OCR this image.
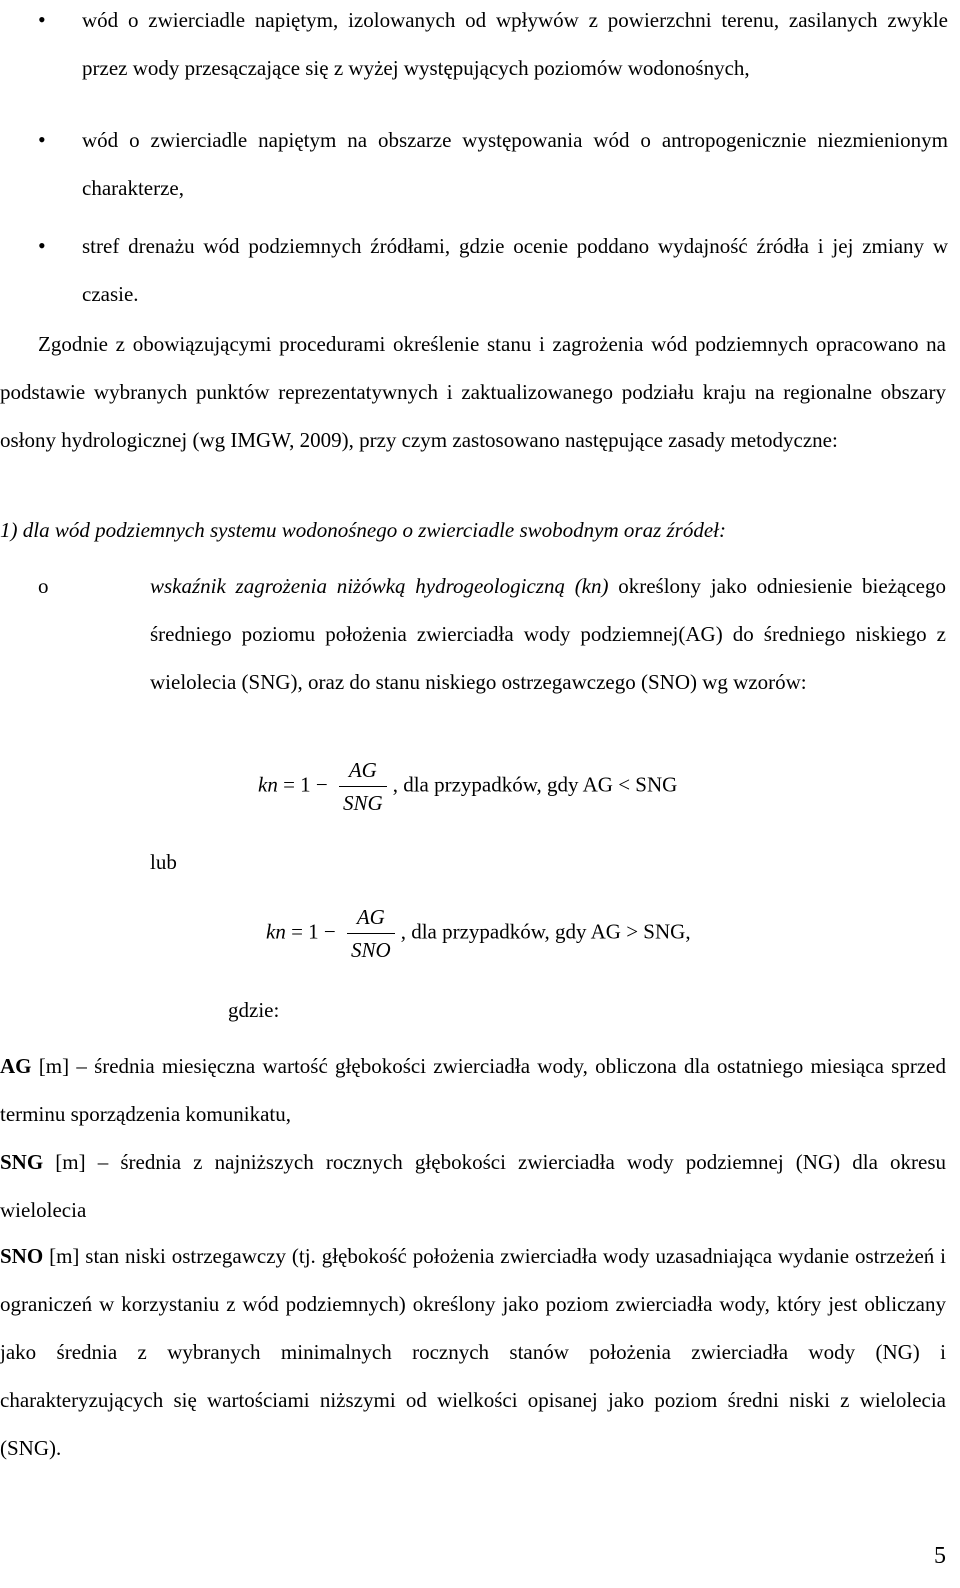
• wód o zwierciadle napiętym, izolowanych od wpływów z powierzchni terenu, zasilanych zwykle przez wody przesączające się z wyżej występujących poziomów wodonośnych,
• wód o zwierciadle napiętym na obszarze występowania wód o antropogenicznie niezmienionym charakterze,
• stref drenażu wód podziemnych źródłami, gdzie ocenie poddano wydajność źródła i jej zmiany w czasie.

Zgodnie z obowiązującymi procedurami określenie stanu i zagrożenia wód podziemnych opracowano na podstawie wybranych punktów reprezentatywnych i zaktualizowanego podziału kraju na regionalne obszary osłony hydrologicznej (wg IMGW, 2009), przy czym zastosowano następujące zasady metodyczne:

1) dla wód podziemnych systemu wodonośnego o zwierciadle swobodnym oraz źródeł:

o	wskaźnik zagrożenia niżówką hydrogeologiczną (kn) określony jako odniesienie bieżącego średniego poziomu położenia zwierciadła wody podziemnej(AG) do średniego niskiego z wielolecia (SNG), oraz do stanu niskiego ostrzegawczego (SNO) wg wzorów:
kn = $1 - \frac{AG}{\text{SNG}}$ , dla przypadków, gdy AG < SNG
lub
kn = $1 - \frac{AG}{\text{SNO}}$ , dla przypadków, gdy AG > SNG,
gdzie:

AG [m] – średnia miesięczna wartość głębokości zwierciadła wody, obliczona dla ostatniego miesiąca sprzed terminu sporządzenia komunikatu,

SNG [m] – średnia z najniższych rocznych głębokości zwierciadła wody podziemnej (NG) dla okresu wielolecia

SNO [m] stan niski ostrzegawczy (tj. głębokość położenia zwierciadła wody uzasadniająca wydanie ostrzeżeń i ograniczeń w korzystaniu z wód podziemnych) określony jako poziom zwierciadła wody, który jest obliczany jako średnia z wybranych minimalnych rocznych stanów położenia zwierciadła wody (NG) i charakteryzujących się wartościami niższymi od wielkości opisanej jako poziom średni niski z wielolecia (SNG).

5
